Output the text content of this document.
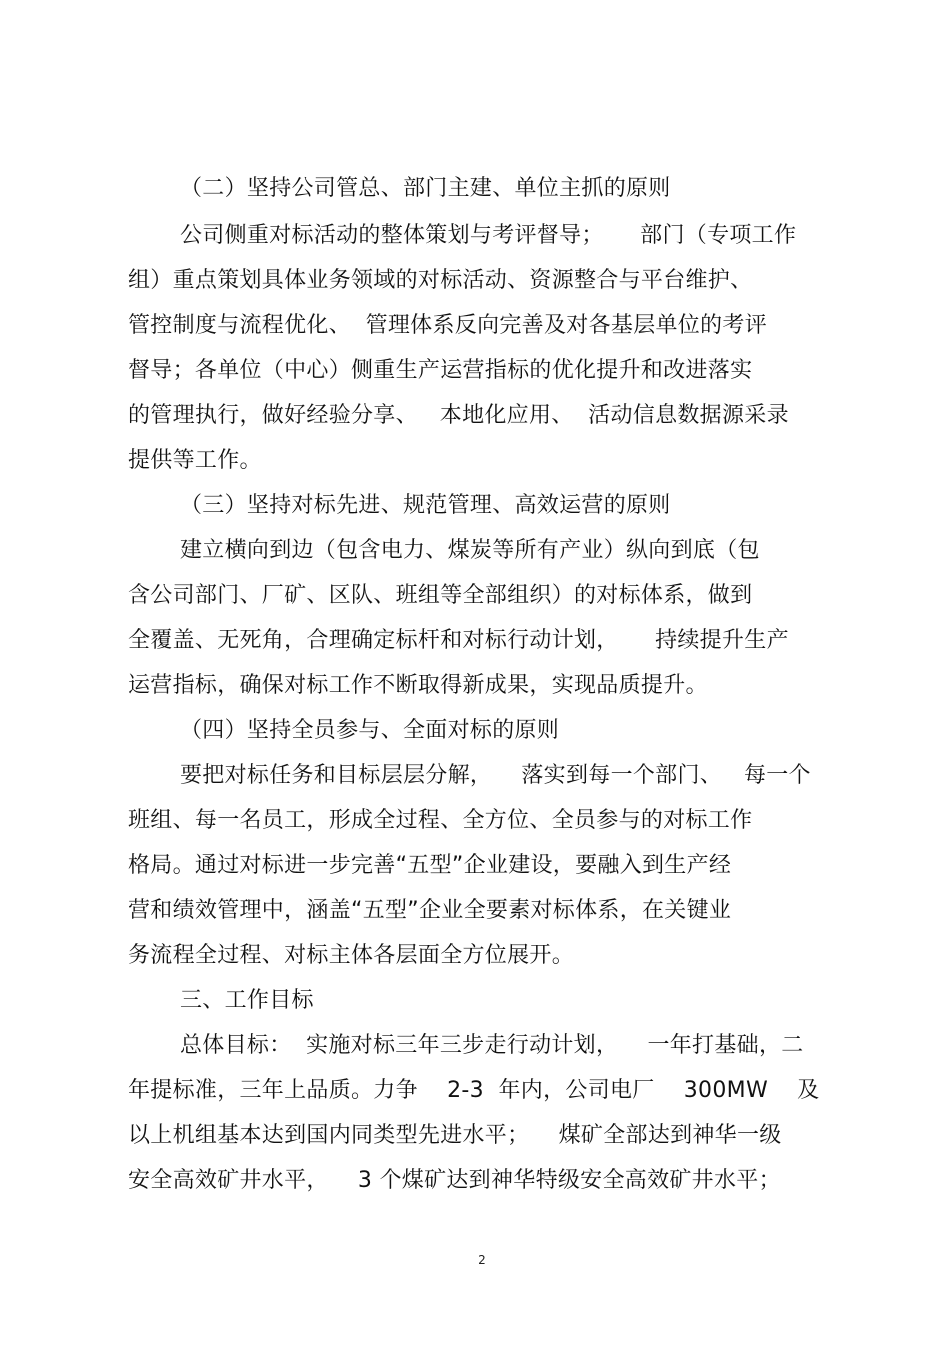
（二）坚持公司管总、部门主建、单位主抓的原则
公司侧重对标活动的整体策划与考评督导；     部门（专项工作
组）重点策划具体业务领域的对标活动、资源整合与平台维护、
管控制度与流程优化、  管理体系反向完善及对各基层单位的考评
督导；各单位（中心）侧重生产运营指标的优化提升和改进落实
的管理执行，做好经验分享、   本地化应用、  活动信息数据源采录
提供等工作。
（三）坚持对标先进、规范管理、高效运营的原则
建立横向到边（包含电力、煤炭等所有产业）纵向到底（包
含公司部门、厂矿、区队、班组等全部组织）的对标体系，做到
全覆盖、无死角，合理确定标杆和对标行动计划，     持续提升生产
运营指标，确保对标工作不断取得新成果，实现品质提升。
（四）坚持全员参与、全面对标的原则
要把对标任务和目标层层分解，    落实到每一个部门、   每一个
班组、每一名员工，形成全过程、全方位、全员参与的对标工作
格局。通过对标进一步完善“五型”企业建设，要融入到生产经
营和绩效管理中，涵盖“五型”企业全要素对标体系，在关键业
务流程全过程、对标主体各层面全方位展开。
三、工作目标
总体目标：  实施对标三年三步走行动计划，    一年打基础，二
年提标准，三年上品质。力争    2-3  年内，公司电厂    300MW    及
以上机组基本达到国内同类型先进水平；    煤矿全部达到神华一级
安全高效矿井水平，    3 个煤矿达到神华特级安全高效矿井水平；
2
